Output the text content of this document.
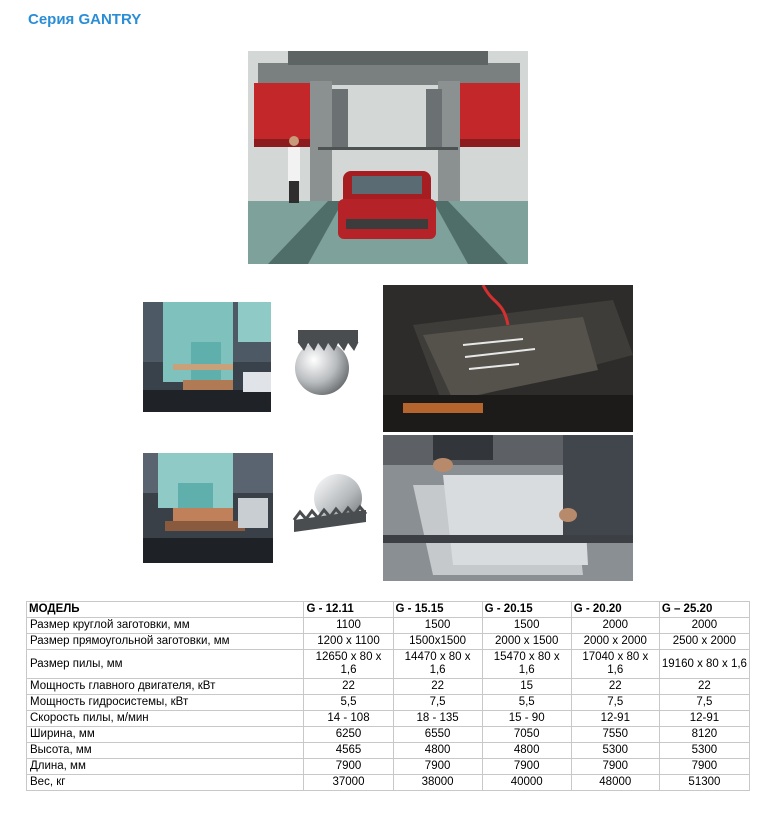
Серия GANTRY
МОДЕЛЬ	G - 12.11	G - 15.15	G - 20.15	G - 20.20	G – 25.20
Размер круглой заготовки, мм	1100	1500	1500	2000	2000
Размер прямоугольной заготовки, мм	1200 х 1100	1500х1500	2000 х 1500	2000 х 2000	2500 х 2000
Размер пилы, мм	12650 х 80 х 1,6	14470 х 80 х 1,6	15470 х 80 х 1,6	17040 х 80 х 1,6	19160 х 80 х 1,6
Мощность главного двигателя, кВт	22	22	15	22	22
Мощность гидросистемы, кВт	5,5	7,5	5,5	7,5	7,5
Скорость пилы, м/мин	14 - 108	18 - 135	15 - 90	12-91	12-91
Ширина, мм	6250	6550	7050	7550	8120
Высота, мм	4565	4800	4800	5300	5300
Длина, мм	7900	7900	7900	7900	7900
Вес, кг	37000	38000	40000	48000	51300
